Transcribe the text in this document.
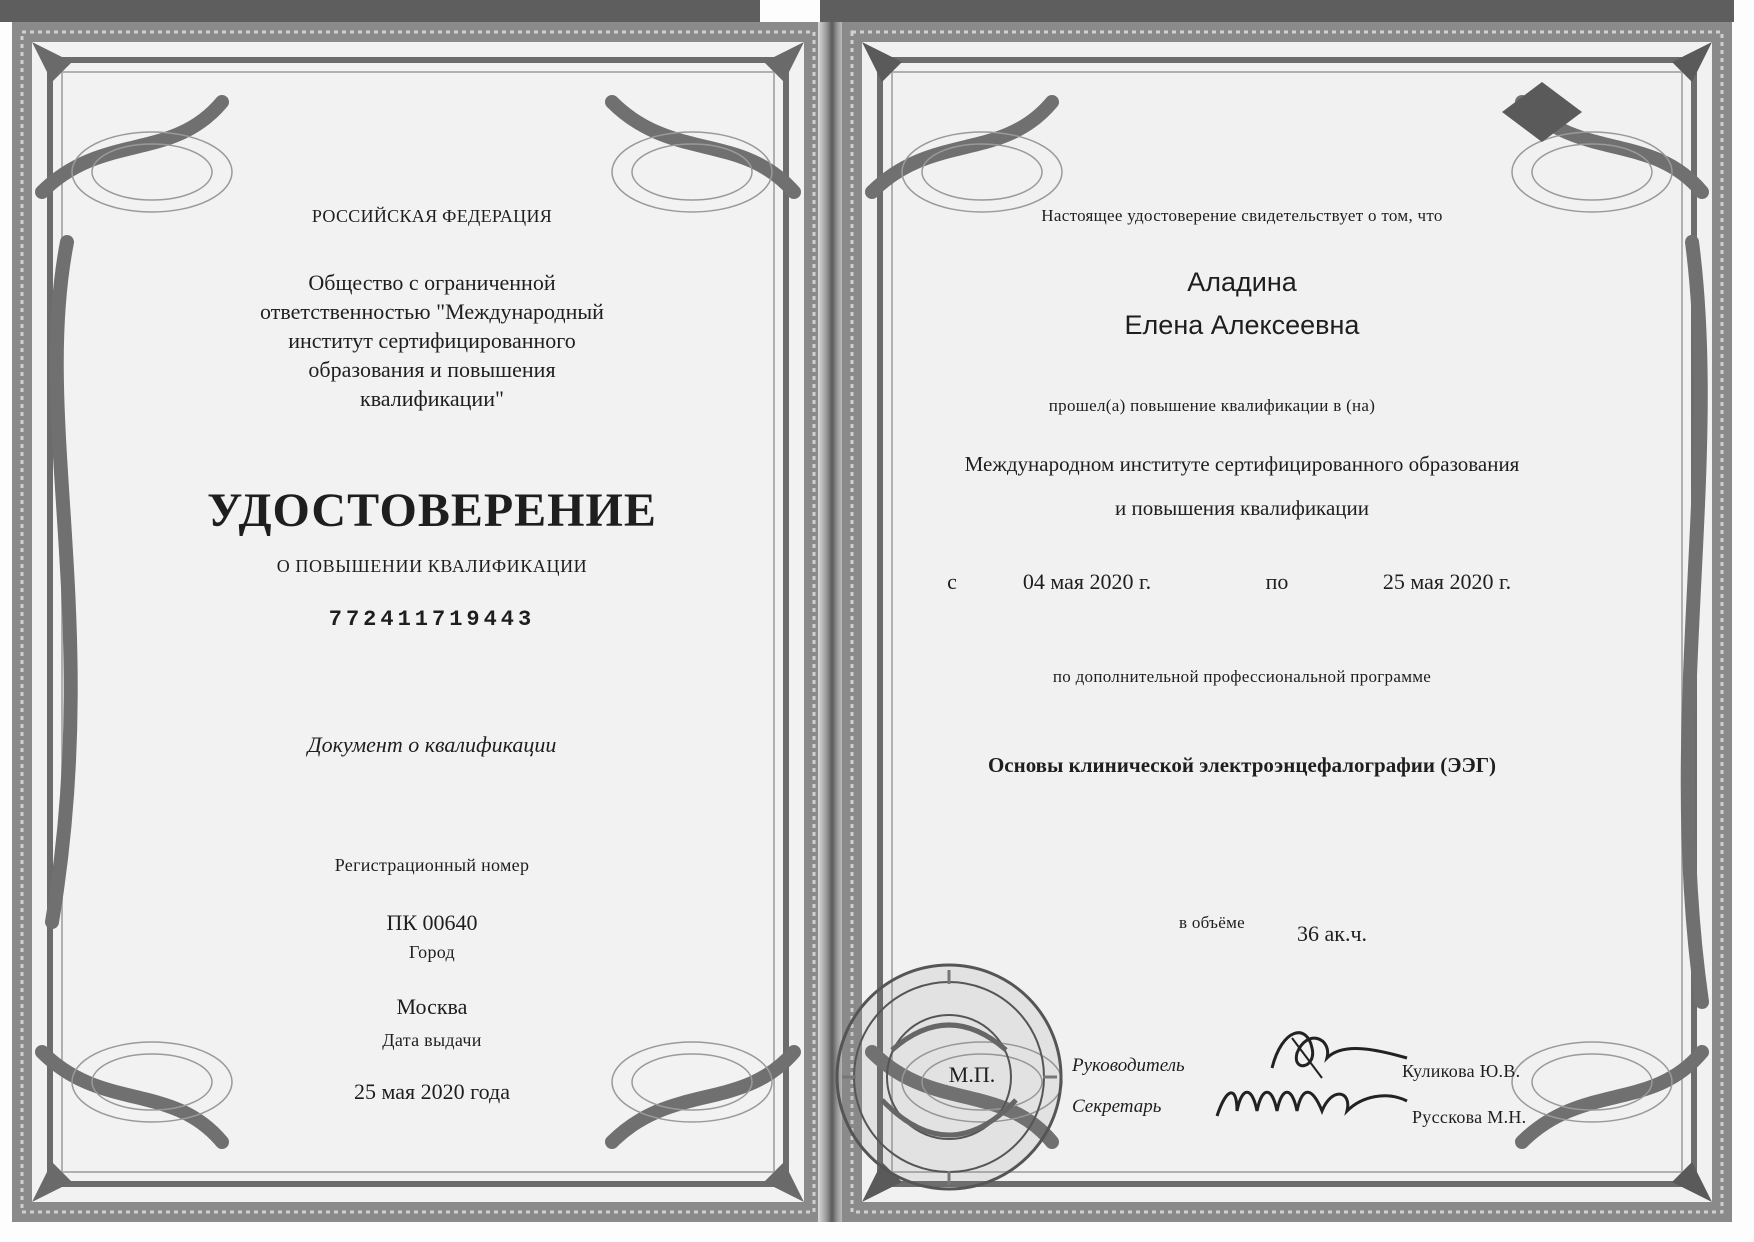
РОССИЙСКАЯ ФЕДЕРАЦИЯ
Общество с ограниченной
ответственностью "Международный
институт сертифицированного
образования и повышения
квалификации"
УДОСТОВЕРЕНИЕ
О ПОВЫШЕНИИ КВАЛИФИКАЦИИ
772411719443
Документ о квалификации
Регистрационный номер
ПК 00640
Город
Москва
Дата выдачи
25 мая 2020 года
Настоящее удостоверение свидетельствует о том, что
Аладина
Елена Алексеевна
прошел(а) повышение квалификации в (на)
Международном институте сертифицированного образования
и повышения квалификации
с	04 мая 2020 г.	по	25 мая 2020 г.
по дополнительной профессиональной программе
Основы клинической электроэнцефалографии (ЭЭГ)
в объёме	36 ак.ч.
М.П.	Руководитель	Куликова Ю.В.
Секретарь	Русскова М.Н.
